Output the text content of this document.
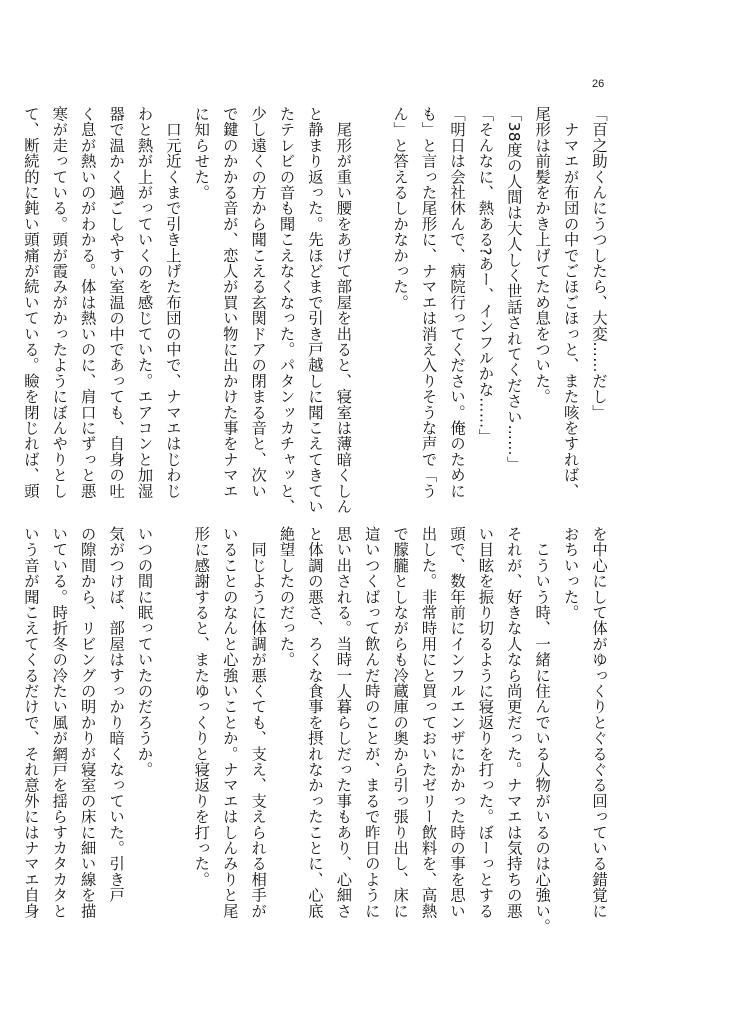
26
「百之助くんにうつしたら、大変……だし」
　ナマエが布団の中でごほごほっと、また咳をすれば、
尾形は前髪をかき上げてため息をついた。
「38度の人間は大人しく世話されてください……」
「そんなに、熱ある?あー、インフルかな……」
「明日は会社休んで、病院行ってください。俺のために
も」と言った尾形に、ナマエは消え入りそうな声で「う
ん」と答えるしかなかった。

　尾形が重い腰をあげて部屋を出ると、寝室は薄暗くしん
と静まり返った。先ほどまで引き戸越しに聞こえてきてい
たテレビの音も聞こえなくなった。パタンッカチャッと、
少し遠くの方から聞こえる玄関ドアの閉まる音と、次い
で鍵のかかる音が、恋人が買い物に出かけた事をナマエ
に知らせた。
　口元近くまで引き上げた布団の中で、ナマエはじわじ
わと熱が上がっていくのを感じていた。エアコンと加湿
器で温かく過ごしやすい室温の中であっても、自身の吐
く息が熱いのがわかる。体は熱いのに、肩口にずっと悪
寒が走っている。頭が霞みがかったようにぼんやりとし
て、断続的に鈍い頭痛が続いている。瞼を閉じれば、頭
を中心にして体がゆっくりとぐるぐる回っている錯覚に
おちいった。
　こういう時、一緒に住んでいる人物がいるのは心強い。
それが、好きな人なら尚更だった。ナマエは気持ちの悪
い目眩を振り切るように寝返りを打った。ぼーっとする
頭で、数年前にインフルエンザにかかった時の事を思い
出した。非常時用にと買っておいたゼリー飲料を、高熱
で朦朧としながらも冷蔵庫の奥から引っ張り出し、床に
這いつくばって飲んだ時のことが、まるで昨日のように
思い出される。当時一人暮らしだった事もあり、心細さ
と体調の悪さ、ろくな食事を摂れなかったことに、心底
絶望したのだった。
　同じように体調が悪くても、支え、支えられる相手が
いることのなんと心強いことか。ナマエはしんみりと尾
形に感謝すると、またゆっくりと寝返りを打った。

いつの間に眠っていたのだろうか。
気がつけば、部屋はすっかり暗くなっていた。引き戸
の隙間から、リビングの明かりが寝室の床に細い線を描
いている。時折冬の冷たい風が網戸を揺らすカタカタと
いう音が聞こえてくるだけで、それ意外にはナマエ自身
